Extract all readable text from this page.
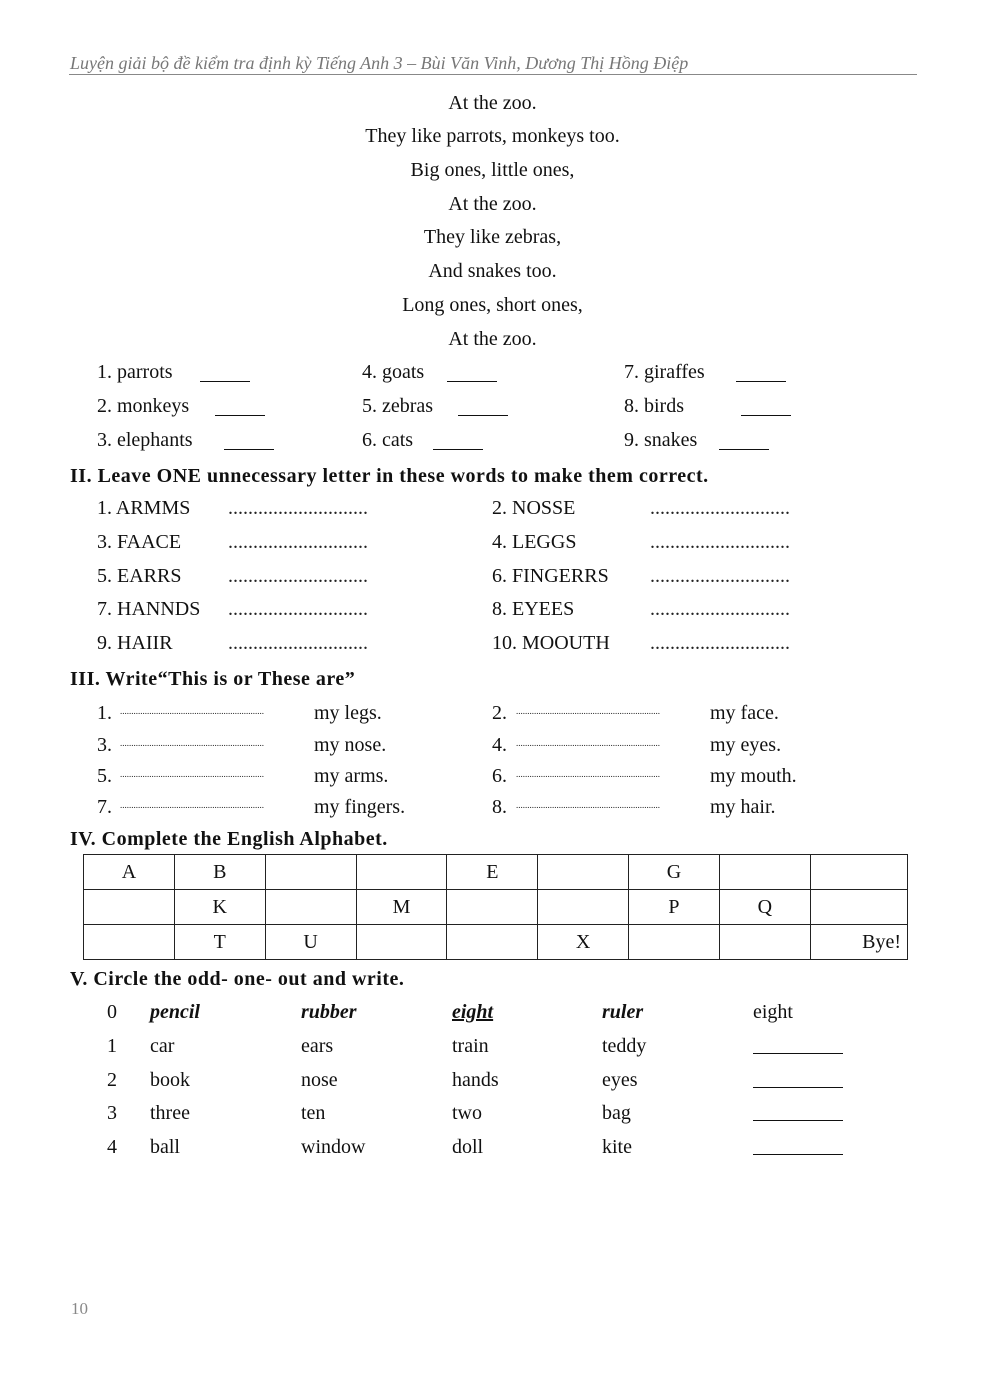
Luyện giải bộ đề kiểm tra định kỳ Tiếng Anh 3 – Bùi Văn Vinh, Dương Thị Hồng Điệp
At the zoo.
They like parrots, monkeys too.
Big ones, little ones,
At the zoo.
They like zebras,
And snakes too.
Long ones, short ones,
At the zoo.
1. parrots	4. goats	7. giraffes
2. monkeys	5. zebras	8. birds
3. elephants	6. cats	9. snakes
1. ARMMS ............................	2. NOSSE	............................
3. FAACE ............................	4. LEGGS	............................
5. EARRS ............................	6. FINGERRS ............................
7. HANNDS ............................	8. EYEES	............................
9. HAIIR	............................	10. MOOUTH ............................
1. ................................................................	my legs.	2. ................................................................	my face.
3. ................................................................	my nose.	4. ................................................................	my eyes.
5. ................................................................	my arms.	6. ................................................................	my mouth.
7. ................................................................	my fingers.	8. ................................................................	my hair.
0 pencil	rubber	eight	ruler	eight
1 car	ears	train	teddy
2 book	nose	hands	eyes
3 three	ten	two	bag
4 ball	window	doll	kite
II. Leave ONE unnecessary letter in these words to make them correct.
III. Write“This is or These are”
IV. Complete the English Alphabet.
A	B			E		G		
	K		M			P	Q	
	T	U			X			Bye!
V. Circle the odd- one- out and write.
10
